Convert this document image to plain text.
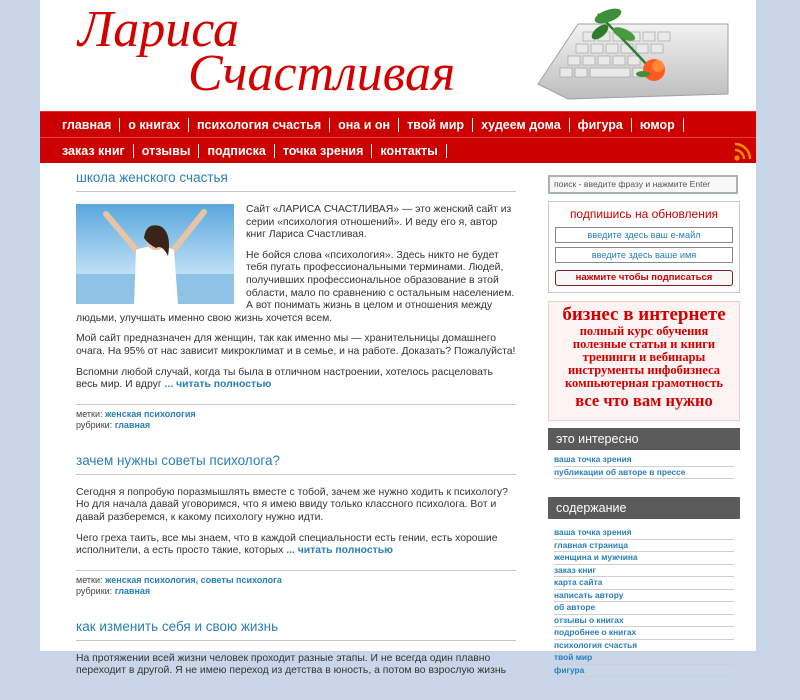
Лариса
Счастливая
главная	о книгах	психология счастья	она и он	твой мир	худеем дома	фигура	юмор
заказ книг	отзывы	подписка	точка зрения	контакты
школа женского счастья

Сайт «ЛАРИСА СЧАСТЛИВАЯ» — это женский сайт из серии «психология отношений». И веду его я, автор книг Лариса Счастливая.

Не бойся слова «психология». Здесь никто не будет тебя пугать профессиональными терминами. Людей, получивших профессиональное образование в этой области, мало по сравнению с остальным населением. А вот понимать жизнь в целом и отношения между людьми, улучшать именно свою жизнь хочется всем.

Мой сайт предназначен для женщин, так как именно мы — хранительницы домашнего очага. На 95% от нас зависит микроклимат и в семье, и на работе. Доказать? Пожалуйста!

Вспомни любой случай, когда ты была в отличном настроении, хотелось расцеловать весь мир. И вдруг ... читать полностью

метки: женская психология
рубрики: главная
зачем нужны советы психолога?

Сегодня я попробую поразмышлять вместе с тобой, зачем же нужно ходить к психологу? Но для начала давай уговоримся, что я имею ввиду только классного психолога. Вот и давай разберемся, к какому психологу нужно идти.

Чего греха таить, все мы знаем, что в каждой специальности есть гении, есть хорошие исполнители, а есть просто такие, которых ... читать полностью

метки: женская психология, советы психолога
рубрики: главная
как изменить себя и свою жизнь

На протяжении всей жизни человек проходит разные этапы. И не всегда один плавно переходит в другой. Я не имею переход из детства в юность, а потом во взрослую жизнь

поиск - введите фразу и нажмите Enter
подпишись на обновления
введите здесь ваш e-майл
введите здесь ваше имя
нажмите чтобы подписаться
бизнес в интернете
полный курс обучения
полезные статьи и книги
тренинги и вебинары
инструменты инфобизнеса
компьютерная грамотность
все что вам нужно
это интересно
ваша точка зрения
публикации об авторе в прессе
содержание
ваша точка зрения
главная страница
женщина и мужчина
заказ книг
карта сайта
написать автору
об авторе
отзывы о книгах
подробнее о книгах
психология счастья
твой мир
фигура
